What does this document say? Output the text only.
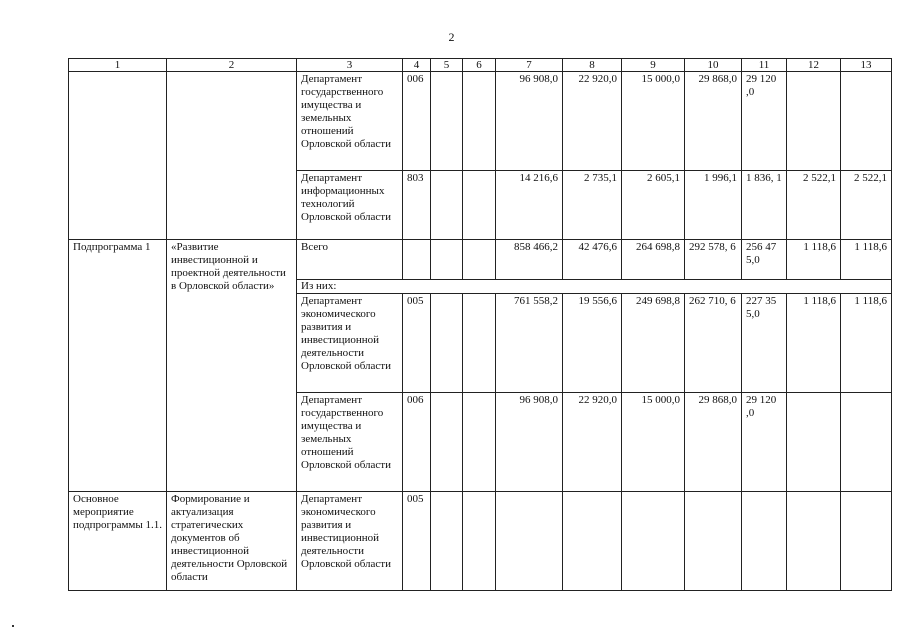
2
1	2	3	4	5	6	7	8	9	10	11	12	13
		Департамент государственного имущества и земельных отношений Орловской области	006			96 908,0	22 920,0	15 000,0	29 868,0	29 120 ,0		
		Департамент информационных технологий Орловской области	803			14 216,6	2 735,1	2 605,1	1 996,1	1 836, 1	2 522,1	2 522,1
Подпрограмма 1	«Развитие инвестиционной и проектной деятельности в Орловской области»	Всего				858 466,2	42 476,6	264 698,8	292 578, 6	256 47 5,0	1 118,6	1 118,6
		Из них:										
		Департамент экономического развития и инвестиционной деятельности Орловской области	005			761 558,2	19 556,6	249 698,8	262 710, 6	227 35 5,0	1 118,6	1 118,6
		Департамент государственного имущества и земельных отношений Орловской области	006			96 908,0	22 920,0	15 000,0	29 868,0	29 120 ,0		
Основное мероприятие подпрограммы 1.1.	Формирование и актуализация стратегических документов об инвестиционной деятельности Орловской области	Департамент экономического развития и инвестиционной деятельности Орловской области	005									
